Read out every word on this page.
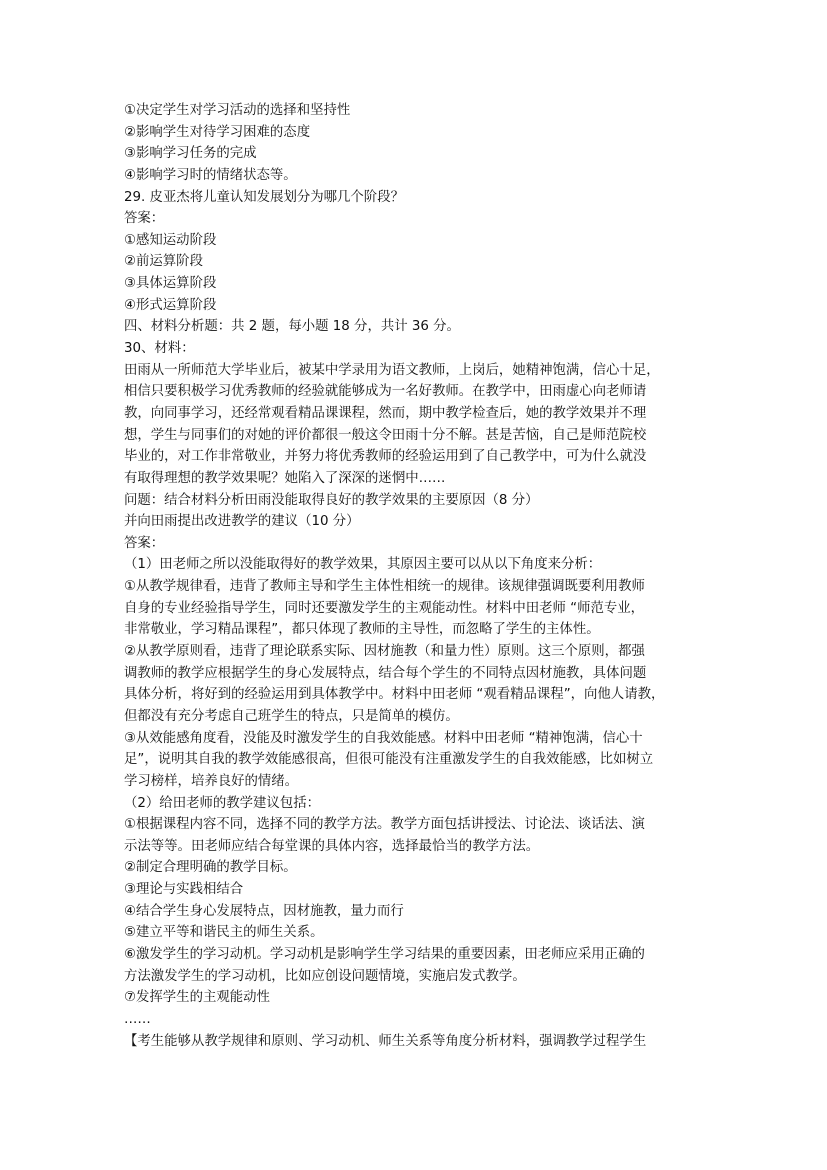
①决定学生对学习活动的选择和坚持性
②影响学生对待学习困难的态度
③影响学习任务的完成
④影响学习时的情绪状态等。
29. 皮亚杰将儿童认知发展划分为哪几个阶段？
答案：
①感知运动阶段
②前运算阶段
③具体运算阶段
④形式运算阶段
四、材料分析题：共 2 题，每小题 18 分，共计 36 分。
30、材料：
田雨从一所师范大学毕业后，被某中学录用为语文教师，上岗后，她精神饱满，信心十足，
相信只要积极学习优秀教师的经验就能够成为一名好教师。在教学中，田雨虚心向老师请
教，向同事学习，还经常观看精品课课程，然而，期中教学检查后，她的教学效果并不理
想，学生与同事们的对她的评价都很一般这令田雨十分不解。甚是苦恼，自己是师范院校
毕业的，对工作非常敬业，并努力将优秀教师的经验运用到了自己教学中，可为什么就没
有取得理想的教学效果呢？她陷入了深深的迷惘中……
问题：结合材料分析田雨没能取得良好的教学效果的主要原因（8 分）
并向田雨提出改进教学的建议（10 分）
答案：
（1）田老师之所以没能取得好的教学效果，其原因主要可以从以下角度来分析：
①从教学规律看，违背了教师主导和学生主体性相统一的规律。该规律强调既要利用教师
自身的专业经验指导学生，同时还要激发学生的主观能动性。材料中田老师 “师范专业，
非常敬业，学习精品课程”，都只体现了教师的主导性，而忽略了学生的主体性。
②从教学原则看，违背了理论联系实际、因材施教（和量力性）原则。这三个原则，都强
调教师的教学应根据学生的身心发展特点，结合每个学生的不同特点因材施教，具体问题
具体分析，将好到的经验运用到具体教学中。材料中田老师 “观看精品课程”，向他人请教，
但都没有充分考虑自己班学生的特点，只是简单的模仿。
③从效能感角度看，没能及时激发学生的自我效能感。材料中田老师 “精神饱满，信心十
足”，说明其自我的教学效能感很高，但很可能没有注重激发学生的自我效能感，比如树立
学习榜样，培养良好的情绪。
（2）给田老师的教学建议包括：
①根据课程内容不同，选择不同的教学方法。教学方面包括讲授法、讨论法、谈话法、演
示法等等。田老师应结合每堂课的具体内容，选择最恰当的教学方法。
②制定合理明确的教学目标。
③理论与实践相结合
④结合学生身心发展特点，因材施教，量力而行
⑤建立平等和谐民主的师生关系。
⑥激发学生的学习动机。学习动机是影响学生学习结果的重要因素，田老师应采用正确的
方法激发学生的学习动机，比如应创设问题情境，实施启发式教学。
⑦发挥学生的主观能动性
……
【考生能够从教学规律和原则、学习动机、师生关系等角度分析材料，强调教学过程学生
